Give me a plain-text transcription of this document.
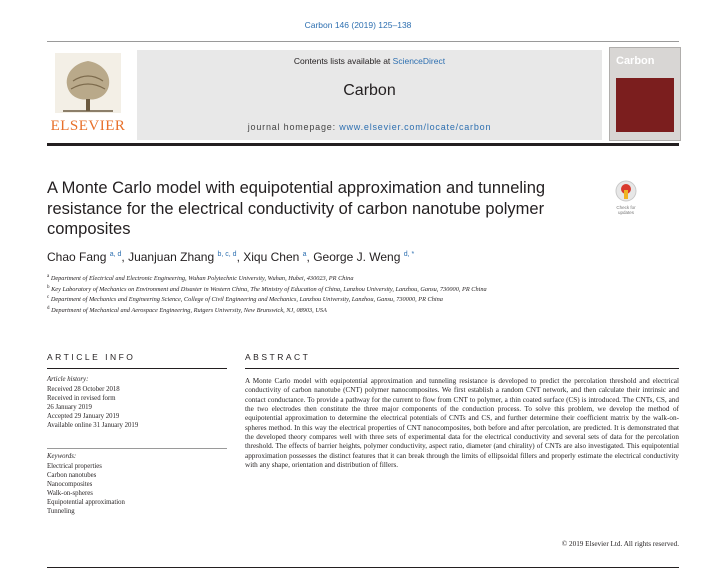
Carbon 146 (2019) 125–138
ELSEVIER
Contents lists available at ScienceDirect
Carbon
journal homepage: www.elsevier.com/locate/carbon
Carbon
A Monte Carlo model with equipotential approximation and tunneling resistance for the electrical conductivity of carbon nanotube polymer composites
Check for updates
Chao Fang $^{a, d}$, Juanjuan Zhang $^{b, c, d}$, Xiqu Chen $^a$, George J. Weng $^{d, *}$
$^a$ Department of Electrical and Electronic Engineering, Wuhan Polytechnic University, Wuhan, Hubei, 430023, PR China
$^b$ Key Laboratory of Mechanics on Environment and Disaster in Western China, The Ministry of Education of China, Lanzhou University, Lanzhou, Gansu, 730000, PR China
$^c$ Department of Mechanics and Engineering Science, College of Civil Engineering and Mechanics, Lanzhou University, Lanzhou, Gansu, 730000, PR China
$^d$ Department of Mechanical and Aerospace Engineering, Rutgers University, New Brunswick, NJ, 08903, USA
ARTICLE INFO
Article history:
Received 28 October 2018
Received in revised form
26 January 2019
Accepted 29 January 2019
Available online 31 January 2019
Keywords:
Electrical properties
Carbon nanotubes
Nanocomposites
Walk-on-spheres
Equipotential approximation
Tunneling
ABSTRACT
A Monte Carlo model with equipotential approximation and tunneling resistance is developed to predict the percolation threshold and electrical conductivity of carbon nanotube (CNT) polymer nanocomposites. We first establish a random CNT network, and then calculate their intrinsic and contact conductance. To provide a pathway for the current to flow from CNT to polymer, a thin coated surface (CS) is introduced. The CNTs, CS, and the two electrodes then constitute the three major components of the conduction process. To solve this problem, we develop the method of equipotential approximation to determine the electrical potentials of CNTs and CS, and further determine their coefficient matrix by the walk-on-spheres method. In this way the electrical properties of CNT nanocomposites, both before and after percolation, are predicted. It is demonstrated that the developed theory compares well with three sets of experimental data for the electrical conductivity and several sets of data for the percolation threshold. The effects of barrier heights, polymer conductivity, aspect ratio, diameter (and chirality) of CNTs are also investigated. This equipotential approximation possesses the distinct features that it can break through the limits of ellipsoidal fillers and properly estimate the electrical conductivity with any shape, orientation and distribution of fillers.
© 2019 Elsevier Ltd. All rights reserved.
